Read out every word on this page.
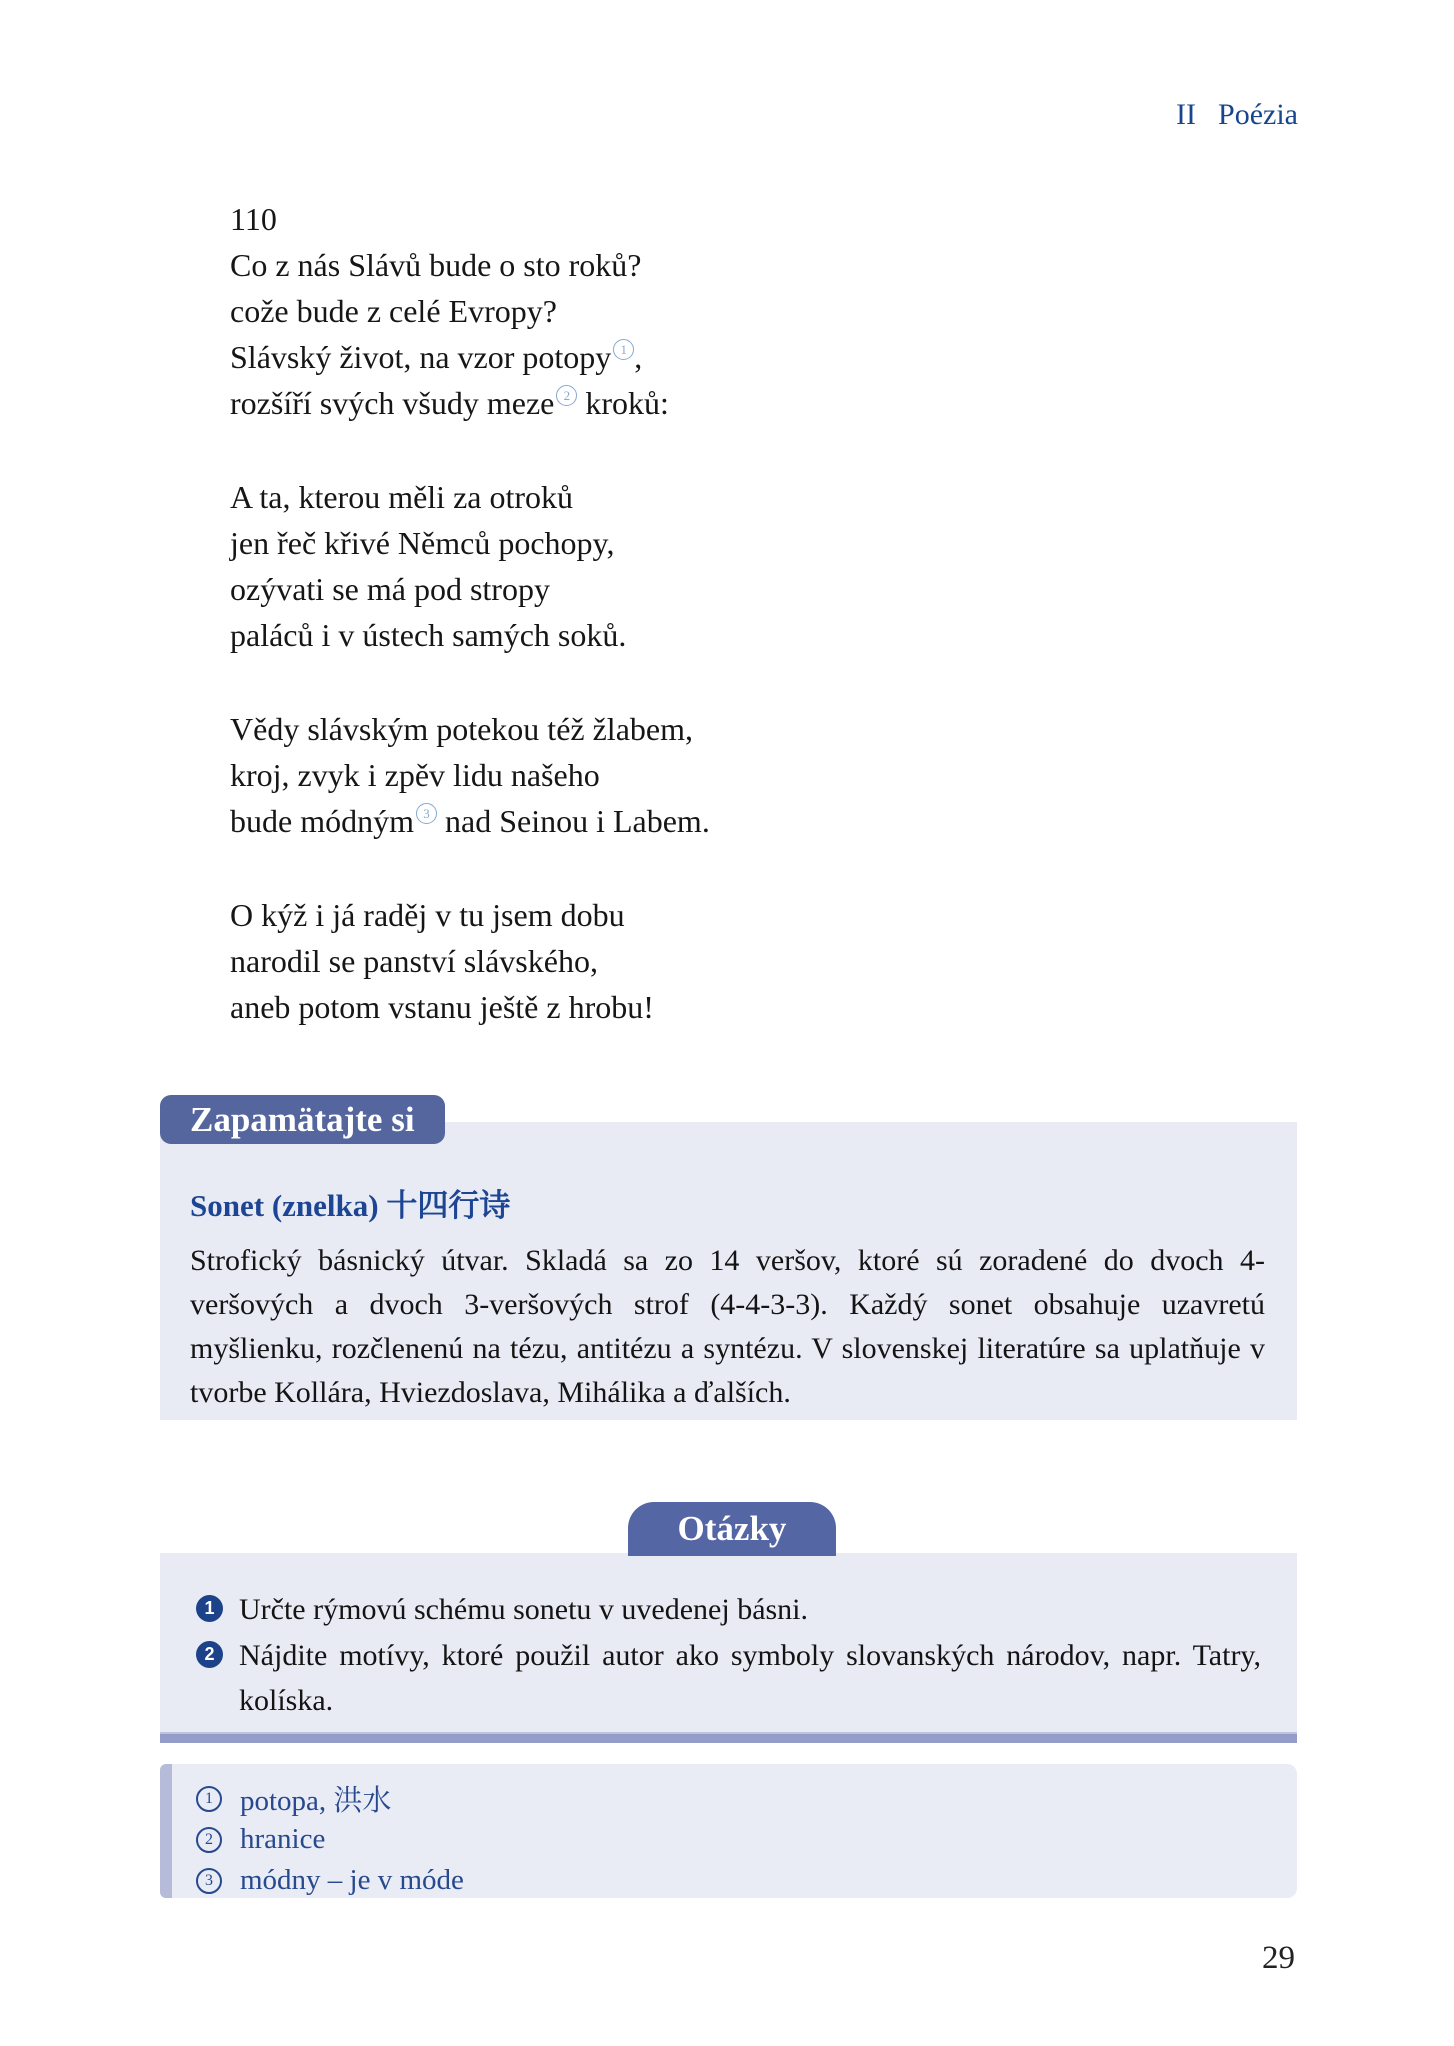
II Poézia
110
Co z nás Slávů bude o sto roků?
cože bude z celé Evropy?
Slávský život, na vzor potopy 1 ,
rozšíří svých všudy meze 2 kroků:
A ta, kterou měli za otroků
jen řeč křivé Němců pochopy,
ozývati se má pod stropy
paláců i v ústech samých soků.
Vědy slávským potekou též žlabem,
kroj, zvyk i zpěv lidu našeho
bude módným 3 nad Seinou i Labem.
O kýž i já raděj v tu jsem dobu
narodil se panství slávského,
aneb potom vstanu ještě z hrobu!
Zapamätajte si
Sonet (znelka) 十四行诗
Strofický básnický útvar. Skladá sa zo 14 veršov, ktoré sú zoradené do dvoch 4-veršových a dvoch 3-veršových strof (4-4-3-3). Každý sonet obsahuje uzavretú myšlienku, rozčlenenú na tézu, antitézu a syntézu. V slovenskej literatúre sa uplatňuje v tvorbe Kollára, Hviezdoslava, Mihálika a ďalších.
Otázky
1 Určte rýmovú schému sonetu v uvedenej básni.
2 Nájdite motívy, ktoré použil autor ako symboly slovanských národov, napr. Tatry, kolíska.
1 potopa, 洪水
2 hranice
3 módny – je v móde
29
